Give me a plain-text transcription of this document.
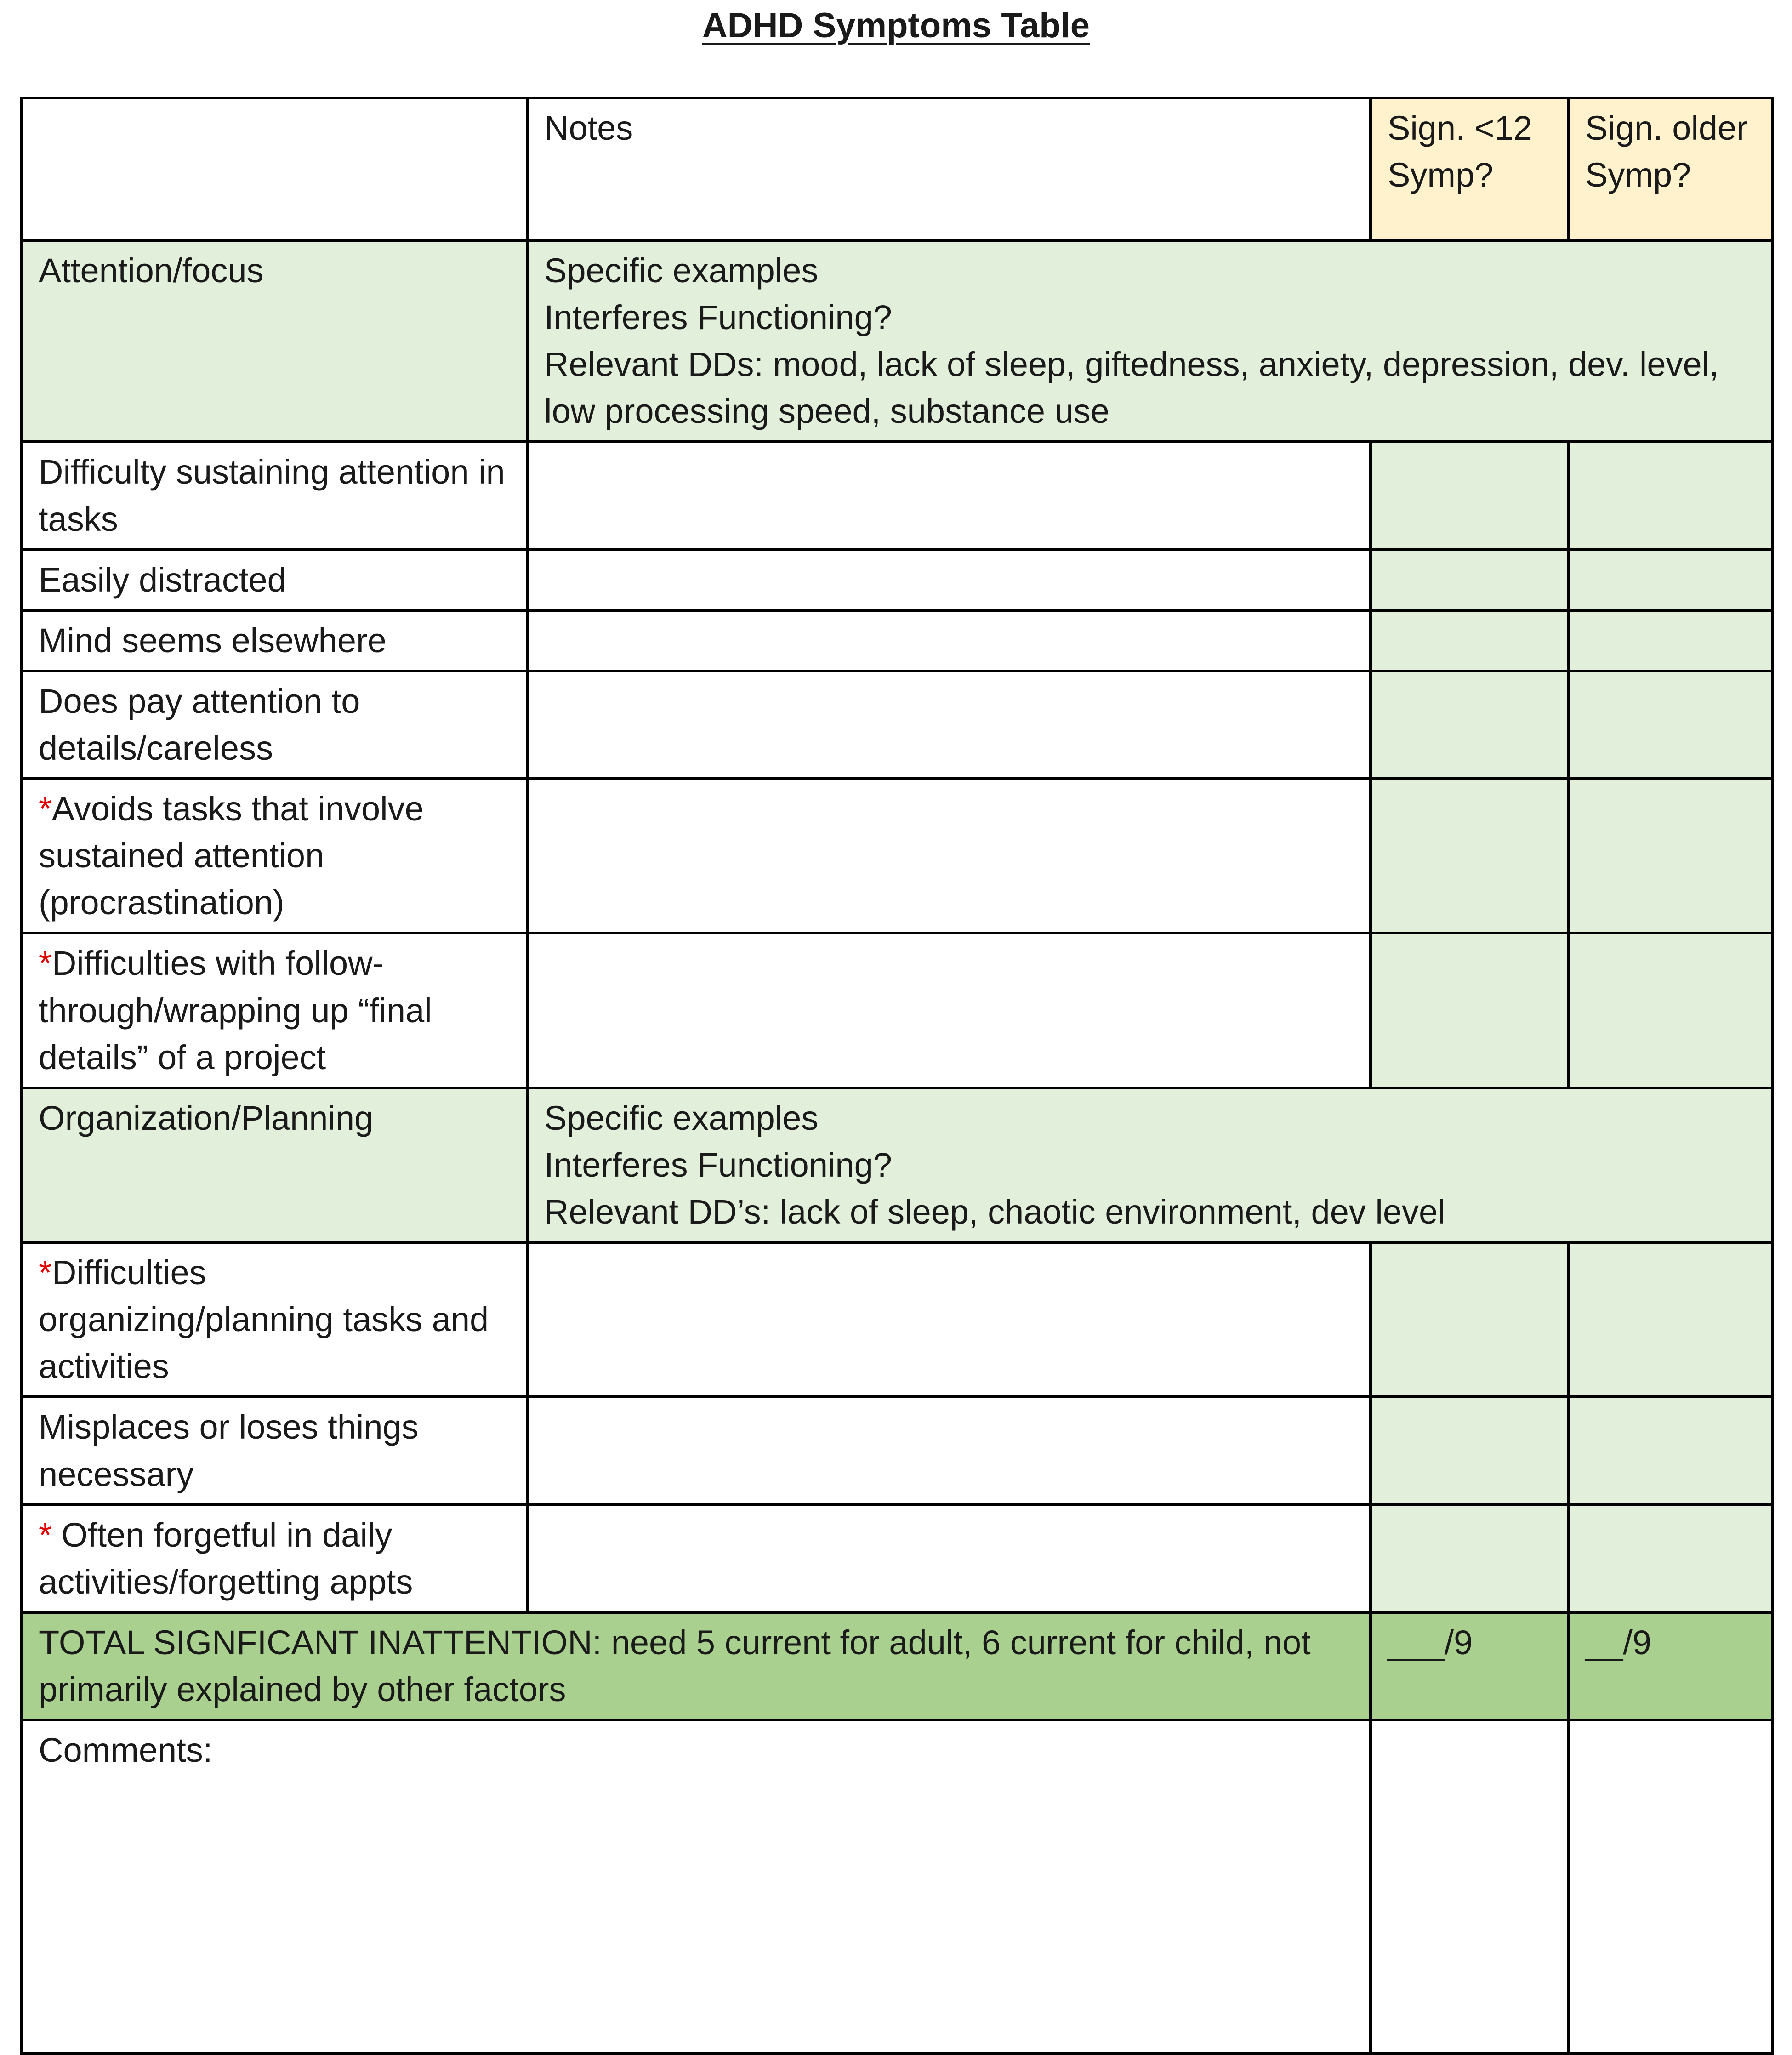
ADHD Symptoms Table
	Notes	Sign. <12 Symp?	Sign. older Symp?
Attention/focus	Specific examples
Interferes Functioning?
Relevant DDs: mood, lack of sleep, giftedness, anxiety, depression, dev. level, low processing speed, substance use		

Difficulty sustaining attention in tasks			
Easily distracted			
Mind seems elsewhere			
Does pay attention to details/careless			
*Avoids tasks that involve sustained attention (procrastination)			
*Difficulties with follow-through/wrapping up “final details” of a project			
Organization/Planning	Specific examples
Interferes Functioning?
Relevant DD’s: lack of sleep, chaotic environment, dev level		

*Difficulties organizing/planning tasks and activities			
Misplaces or loses things necessary			
* Often forgetful in daily activities/forgetting appts			
TOTAL SIGNFICANT INATTENTION: need 5 current for adult, 6 current for child, not primarily explained by other factors		___/9	__/9
Comments:			
